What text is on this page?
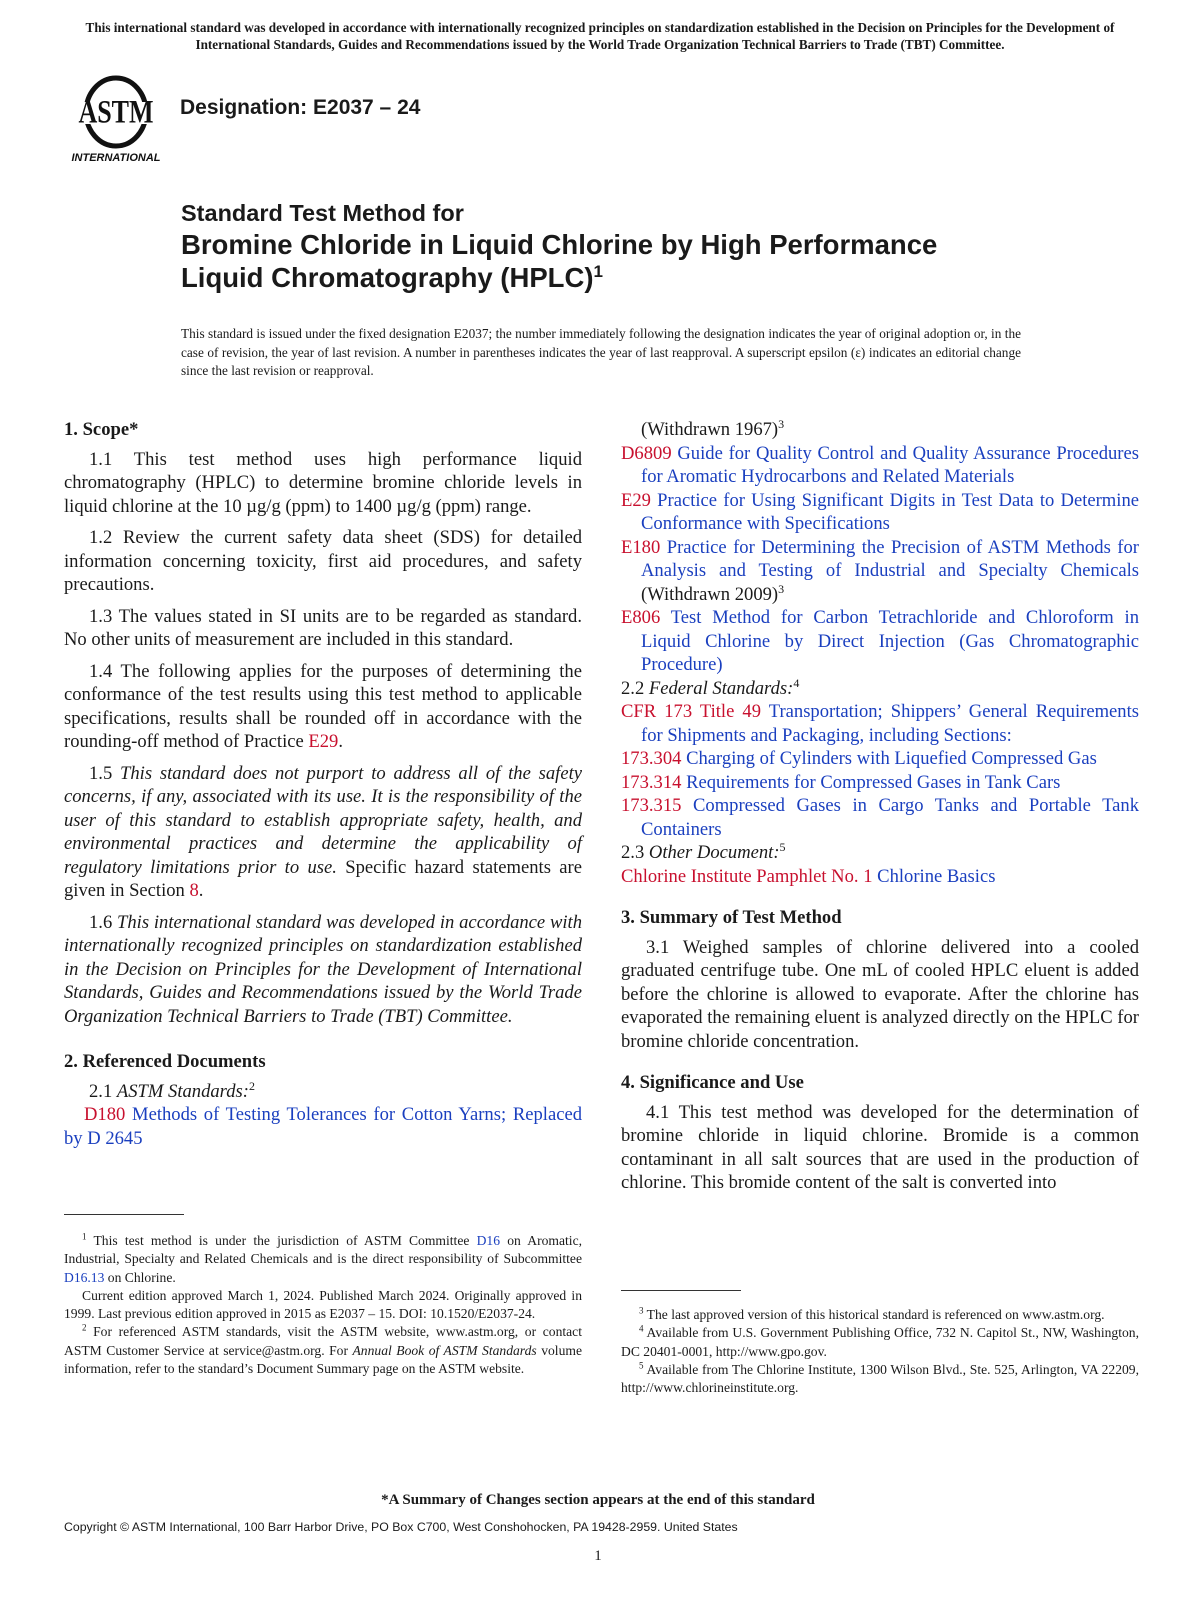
This international standard was developed in accordance with internationally recognized principles on standardization established in the Decision on Principles for the Development of International Standards, Guides and Recommendations issued by the World Trade Organization Technical Barriers to Trade (TBT) Committee.
ASTM
INTERNATIONAL
Designation: E2037 – 24
Standard Test Method for
Bromine Chloride in Liquid Chlorine by High Performance
Liquid Chromatography (HPLC)$^1$
This standard is issued under the fixed designation E2037; the number immediately following the designation indicates the year of original adoption or, in the case of revision, the year of last revision. A number in parentheses indicates the year of last reapproval. A superscript epsilon (ε) indicates an editorial change since the last revision or reapproval.
1. Scope*

1.1 This test method uses high performance liquid chromatography (HPLC) to determine bromine chloride levels in liquid chlorine at the 10 µg/g (ppm) to 1400 µg/g (ppm) range.

1.2 Review the current safety data sheet (SDS) for detailed information concerning toxicity, first aid procedures, and safety precautions.

1.3 The values stated in SI units are to be regarded as standard. No other units of measurement are included in this standard.

1.4 The following applies for the purposes of determining the conformance of the test results using this test method to applicable specifications, results shall be rounded off in accordance with the rounding-off method of Practice E29.

1.5 This standard does not purport to address all of the safety concerns, if any, associated with its use. It is the responsibility of the user of this standard to establish appropriate safety, health, and environmental practices and determine the applicability of regulatory limitations prior to use. Specific hazard statements are given in Section 8.

1.6 This international standard was developed in accordance with internationally recognized principles on standardization established in the Decision on Principles for the Development of International Standards, Guides and Recommendations issued by the World Trade Organization Technical Barriers to Trade (TBT) Committee.

2. Referenced Documents

2.1 ASTM Standards:$^2$

D180 Methods of Testing Tolerances for Cotton Yarns; Replaced by D 2645

(Withdrawn 1967)$^3$

D6809 Guide for Quality Control and Quality Assurance Procedures for Aromatic Hydrocarbons and Related Materials

E29 Practice for Using Significant Digits in Test Data to Determine Conformance with Specifications

E180 Practice for Determining the Precision of ASTM Methods for Analysis and Testing of Industrial and Specialty Chemicals (Withdrawn 2009)$^3$

E806 Test Method for Carbon Tetrachloride and Chloroform in Liquid Chlorine by Direct Injection (Gas Chromatographic Procedure)

2.2 Federal Standards:$^4$

CFR 173 Title 49 Transportation; Shippers’ General Requirements for Shipments and Packaging, including Sections:

173.304 Charging of Cylinders with Liquefied Compressed Gas

173.314 Requirements for Compressed Gases in Tank Cars

173.315 Compressed Gases in Cargo Tanks and Portable Tank Containers

2.3 Other Document:$^5$

Chlorine Institute Pamphlet No. 1 Chlorine Basics

3. Summary of Test Method

3.1 Weighed samples of chlorine delivered into a cooled graduated centrifuge tube. One mL of cooled HPLC eluent is added before the chlorine is allowed to evaporate. After the chlorine has evaporated the remaining eluent is analyzed directly on the HPLC for bromine chloride concentration.

4. Significance and Use

4.1 This test method was developed for the determination of bromine chloride in liquid chlorine. Bromide is a common contaminant in all salt sources that are used in the production of chlorine. This bromide content of the salt is converted into

$^1$ This test method is under the jurisdiction of ASTM Committee D16 on Aromatic, Industrial, Specialty and Related Chemicals and is the direct responsibility of Subcommittee D16.13 on Chlorine.

Current edition approved March 1, 2024. Published March 2024. Originally approved in 1999. Last previous edition approved in 2015 as E2037 – 15. DOI: 10.1520/E2037-24.

$^2$ For referenced ASTM standards, visit the ASTM website, www.astm.org, or contact ASTM Customer Service at service@astm.org. For Annual Book of ASTM Standards volume information, refer to the standard’s Document Summary page on the ASTM website.

$^3$ The last approved version of this historical standard is referenced on www.astm.org.

$^4$ Available from U.S. Government Publishing Office, 732 N. Capitol St., NW, Washington, DC 20401-0001, http://www.gpo.gov.

$^5$ Available from The Chlorine Institute, 1300 Wilson Blvd., Ste. 525, Arlington, VA 22209, http://www.chlorineinstitute.org.

*A Summary of Changes section appears at the end of this standard
Copyright © ASTM International, 100 Barr Harbor Drive, PO Box C700, West Conshohocken, PA 19428-2959. United States
1
